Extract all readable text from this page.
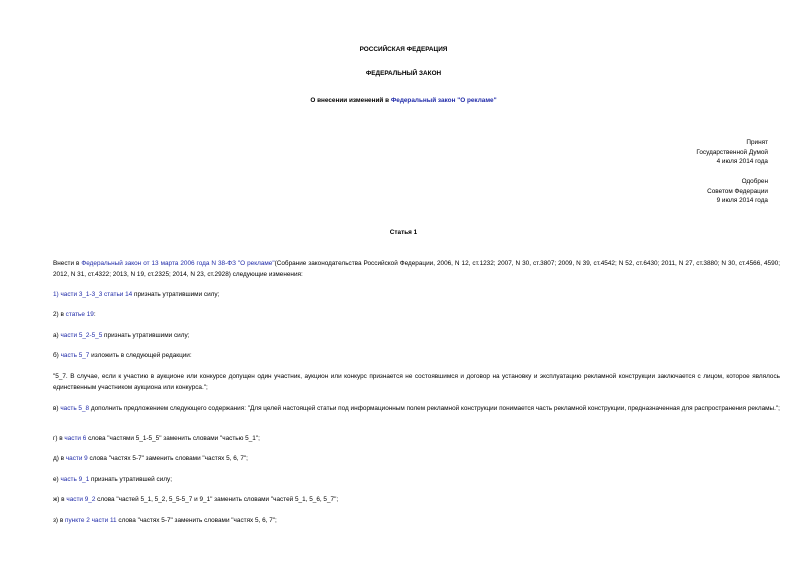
РОССИЙСКАЯ ФЕДЕРАЦИЯ
ФЕДЕРАЛЬНЫЙ ЗАКОН
О внесении изменений в Федеральный закон "О рекламе"
Принят
Государственной Думой
4 июля 2014 года
Одобрен
Советом Федерации
9 июля 2014 года
Статья 1
Внести в Федеральный закон от 13 марта 2006 года N 38-ФЗ "О рекламе"(Собрание законодательства Российской Федерации, 2006, N 12, ст.1232; 2007, N 30, ст.3807; 2009, N 39, ст.4542; N 52, ст.6430; 2011, N 27, ст.3880; N 30, ст.4566, 4590; 2012, N 31, ст.4322; 2013, N 19, ст.2325; 2014, N 23, ст.2928) следующие изменения:
1) части 3_1-3_3 статьи 14 признать утратившими силу;
2) в статье 19:
а) части 5_2-5_5 признать утратившими силу;
б) часть 5_7 изложить в следующей редакции:
"5_7. В случае, если к участию в аукционе или конкурсе допущен один участник, аукцион или конкурс признается не состоявшимся и договор на установку и эксплуатацию рекламной конструкции заключается с лицом, которое являлось единственным участником аукциона или конкурса.";
в) часть 5_8 дополнить предложением следующего содержания: "Для целей настоящей статьи под информационным полем рекламной конструкции понимается часть рекламной конструкции, предназначенная для распространения рекламы.";
г) в части 6 слова "частями 5_1-5_5" заменить словами "частью 5_1";
д) в части 9 слова "частях 5-7" заменить словами "частях 5, 6, 7";
е) часть 9_1 признать утратившей силу;
ж) в части 9_2 слова "частей 5_1, 5_2, 5_5-5_7 и 9_1" заменить словами "частей 5_1, 5_6, 5_7";
з) в пункте 2 части 11 слова "частях 5-7" заменить словами "частях 5, 6, 7";
